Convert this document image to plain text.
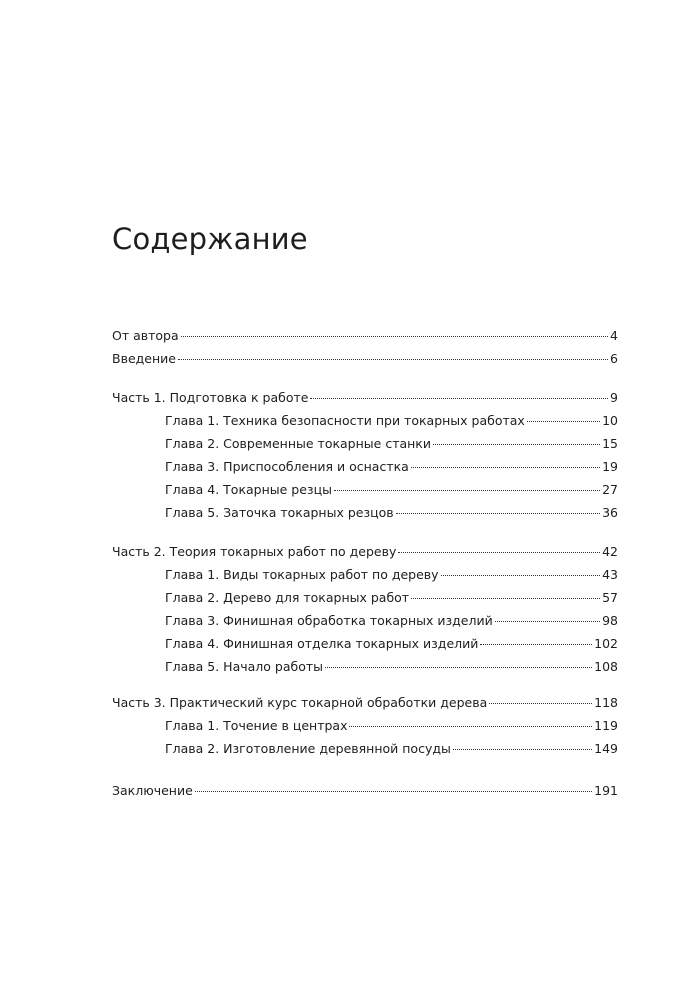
Содержание
От автора	4
Введение	6
Часть 1. Подготовка к работе	9
Глава 1. Техника безопасности при токарных работах	10
Глава 2. Современные токарные станки	15
Глава 3. Приспособления и оснастка	19
Глава 4. Токарные резцы	27
Глава 5. Заточка токарных резцов	36
Часть 2. Теория токарных работ по дереву	42
Глава 1. Виды токарных работ по дереву	43
Глава 2. Дерево для токарных работ	57
Глава 3. Финишная обработка токарных изделий	98
Глава 4. Финишная отделка токарных изделий	102
Глава 5. Начало работы	108
Часть 3. Практический курс токарной обработки дерева	118
Глава 1. Точение в центрах	119
Глава 2. Изготовление деревянной посуды	149
Заключение	191
